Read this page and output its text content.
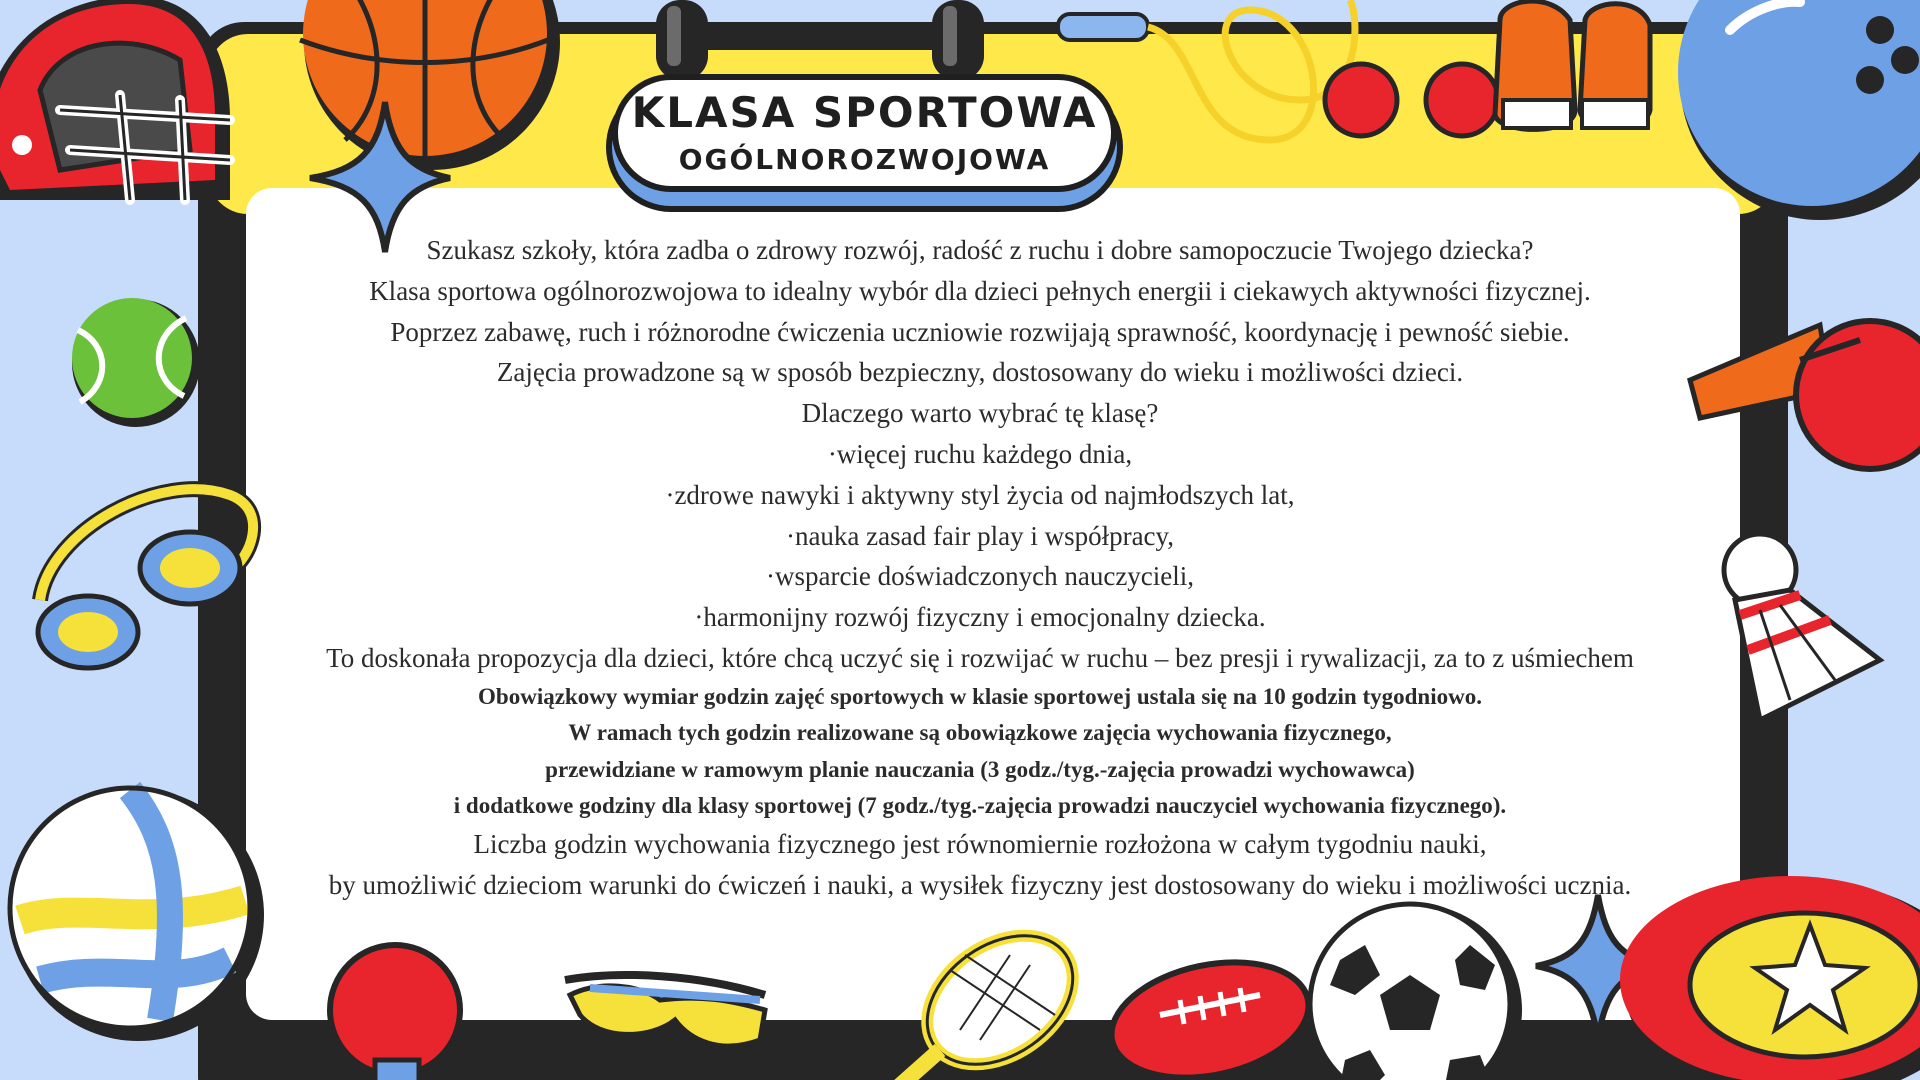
KLASA SPORTOWA
OGÓLNOROZWOJOWA
Szukasz szkoły, która zadba o zdrowy rozwój, radość z ruchu i dobre samopoczucie Twojego dziecka?
Klasa sportowa ogólnorozwojowa to idealny wybór dla dzieci pełnych energii i ciekawych aktywności fizycznej.
Poprzez zabawę, ruch i różnorodne ćwiczenia uczniowie rozwijają sprawność, koordynację i pewność siebie.
Zajęcia prowadzone są w sposób bezpieczny, dostosowany do wieku i możliwości dzieci.
Dlaczego warto wybrać tę klasę?
·więcej ruchu każdego dnia,
·zdrowe nawyki i aktywny styl życia od najmłodszych lat,
·nauka zasad fair play i współpracy,
·wsparcie doświadczonych nauczycieli,
·harmonijny rozwój fizyczny i emocjonalny dziecka.
To doskonała propozycja dla dzieci, które chcą uczyć się i rozwijać w ruchu – bez presji i rywalizacji, za to z uśmiechem
Obowiązkowy wymiar godzin zajęć sportowych w klasie sportowej ustala się na 10 godzin tygodniowo.
W ramach tych godzin realizowane są obowiązkowe zajęcia wychowania fizycznego,
przewidziane w ramowym planie nauczania (3 godz./tyg.-zajęcia prowadzi wychowawca)
i dodatkowe godziny dla klasy sportowej (7 godz./tyg.-zajęcia prowadzi nauczyciel wychowania fizycznego).
Liczba godzin wychowania fizycznego jest równomiernie rozłożona w całym tygodniu nauki,
by umożliwić dzieciom warunki do ćwiczeń i nauki, a wysiłek fizyczny jest dostosowany do wieku i możliwości ucznia.
